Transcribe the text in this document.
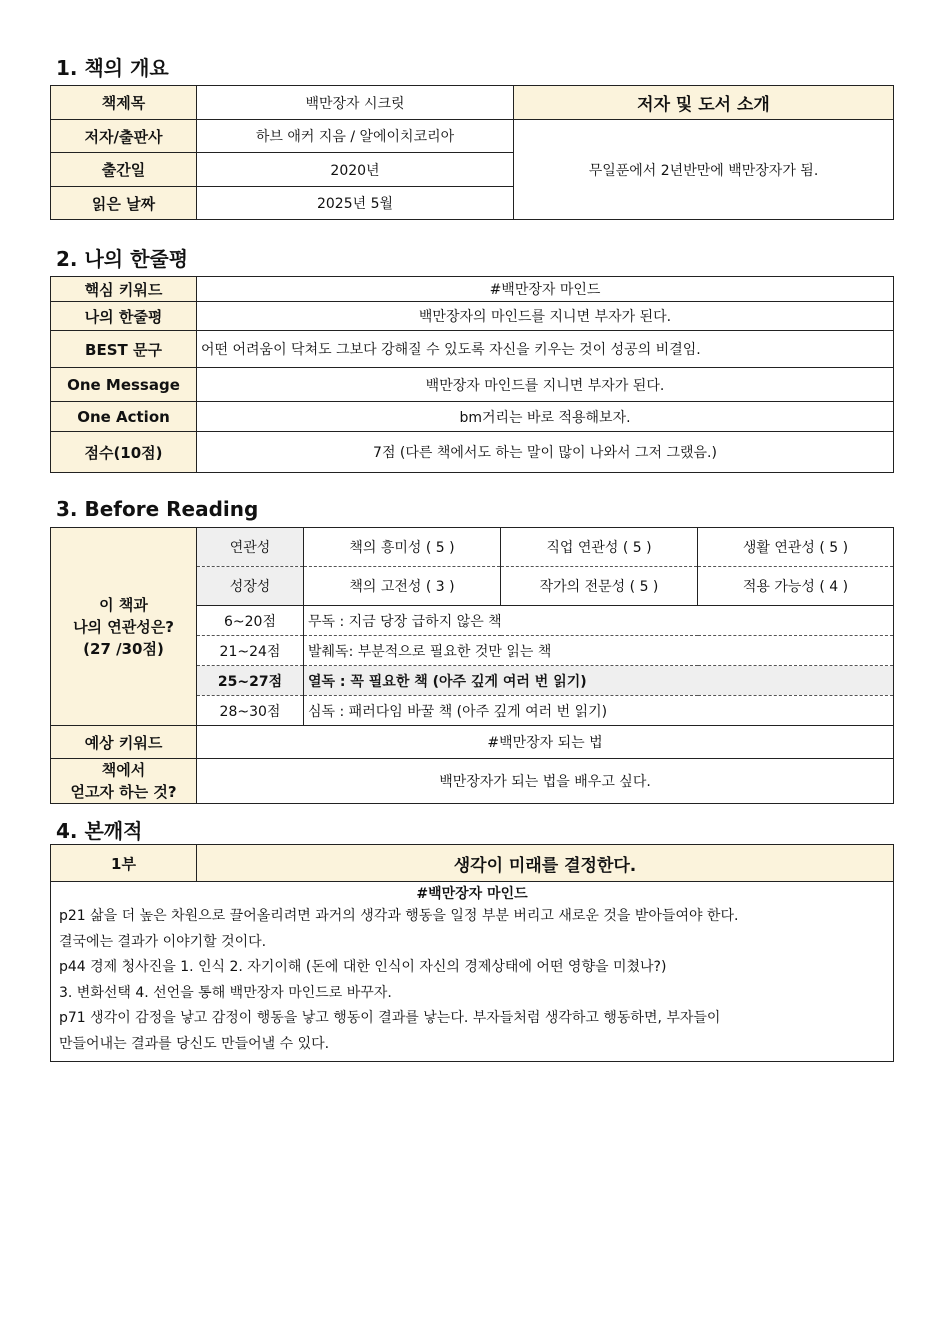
1. 책의 개요
책제목	백만장자 시크릿	저자 및 도서 소개
저자/출판사	하브 애커 지음 / 알에이치코리아	무일푼에서 2년반만에 백만장자가 됨.
출간일	2020년	
읽은 날짜	2025년 5월	
2. 나의 한줄평
핵심 키워드	#백만장자 마인드
나의 한줄평	백만장자의 마인드를 지니면 부자가 된다.
BEST 문구	어떤 어려움이 닥쳐도 그보다 강해질 수 있도록 자신을 키우는 것이 성공의 비결임.
One Message	백만장자 마인드를 지니면 부자가 된다.
One Action	bm거리는 바로 적용해보자.
점수(10점)	7점 (다른 책에서도 하는 말이 많이 나와서 그저 그랬음.)
3. Before Reading
이 책과
나의 연관성은?
(27 /30점)	연관성	책의 흥미성 ( 5 )	직업 연관성 ( 5 )	생활 연관성 ( 5 )
	성장성	책의 고전성 ( 3 )	작가의 전문성 ( 5 )	적용 가능성 ( 4 )
	6~20점	무독 : 지금 당장 급하지 않은 책		
	21~24점	발췌독: 부분적으로 필요한 것만 읽는 책		
	25~27점	열독 : 꼭 필요한 책 (아주 깊게 여러 번 읽기)		
	28~30점	심독 : 패러다임 바꿀 책 (아주 깊게 여러 번 읽기)		
예상 키워드	#백만장자 되는 법			
책에서
얻고자 하는 것?	백만장자가 되는 법을 배우고 싶다.			
4. 본깨적
1부	생각이 미래를 결정한다.

#백만장자 마인드
p21 삶을 더 높은 차원으로 끌어올리려면 과거의 생각과 행동을 일정 부분 버리고 새로운 것을 받아들여야 한다.
결국에는 결과가 이야기할 것이다.
p44 경제 청사진을 1. 인식 2. 자기이해 (돈에 대한 인식이 자신의 경제상태에 어떤 영향을 미쳤나?)
3. 변화선택 4. 선언을 통해 백만장자 마인드로 바꾸자.
p71 생각이 감정을 낳고 감정이 행동을 낳고 행동이 결과를 낳는다. 부자들처럼 생각하고 행동하면, 부자들이
만들어내는 결과를 당신도 만들어낼 수 있다.
